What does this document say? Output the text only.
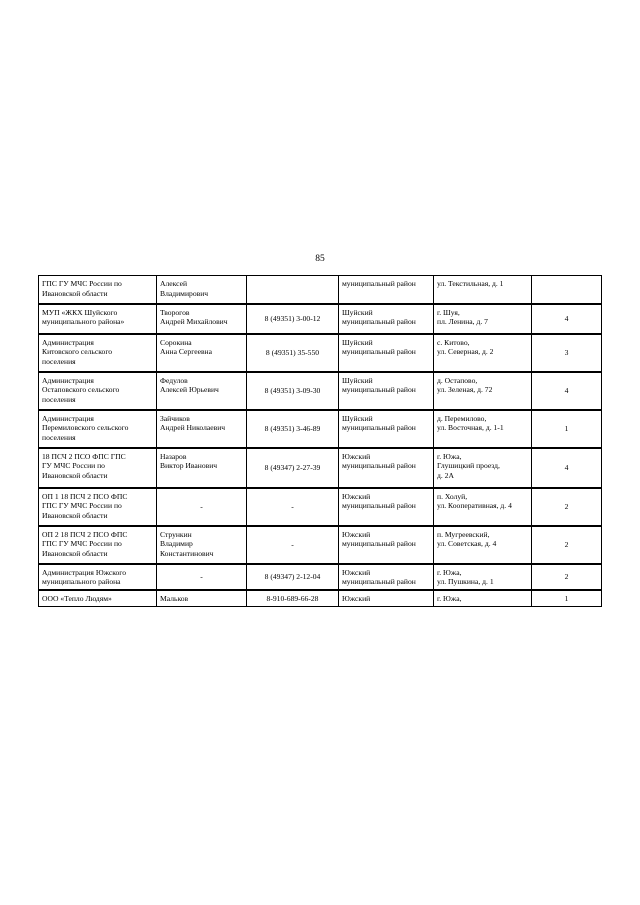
85
ГПС ГУ МЧС России по
Ивановской области	Алексей
Владимирович		муниципальный район	ул. Текстильная, д. 1	

МУП «ЖКХ Шуйского
муниципального района»	Творогов
Андрей Михайлович	8 (49351) 3-00-12	Шуйский
муниципальный район	г. Шуя,
пл. Ленина, д. 7	4

Администрация
Китовского сельского
поселения	Сорокина
Анна Сергеевна	8 (49351) 35-550	Шуйский
муниципальный район	с. Китово,
ул. Северная, д. 2	3

Администрация
Остаповского сельского
поселения	Федулов
Алексей Юрьевич	8 (49351) 3-09-30	Шуйский
муниципальный район	д. Остапово,
ул. Зеленая, д. 72	4

Администрация
Перемиловского сельского
поселения	Зайчиков
Андрей Николаевич	8 (49351) 3-46-89	Шуйский
муниципальный район	д. Перемилово,
ул. Восточная, д. 1-1	1

18 ПСЧ 2 ПСО ФПС ГПС
ГУ МЧС России по
Ивановской области	Назаров
Виктор Иванович	8 (49347) 2-27-39	Южский
муниципальный район	г. Южа,
Глушицкий проезд,
д. 2А	4

ОП 1 18 ПСЧ 2 ПСО ФПС
ГПС ГУ МЧС России по
Ивановской области	-	-	Южский
муниципальный район	п. Холуй,
ул. Кооперативная, д. 4	2

ОП 2 18 ПСЧ 2 ПСО ФПС
ГПС ГУ МЧС России по
Ивановской области	Стрункин
Владимир
Константинович	-	Южский
муниципальный район	п. Мугреевский,
ул. Советская, д. 4	2

Администрация Южского
муниципального района	-	8 (49347) 2-12-04	Южский
муниципальный район	г. Южа,
ул. Пушкина, д. 1	2

ООО «Тепло Людям»	Мальков	8-910-689-66-28	Южский	г. Южа,	1
